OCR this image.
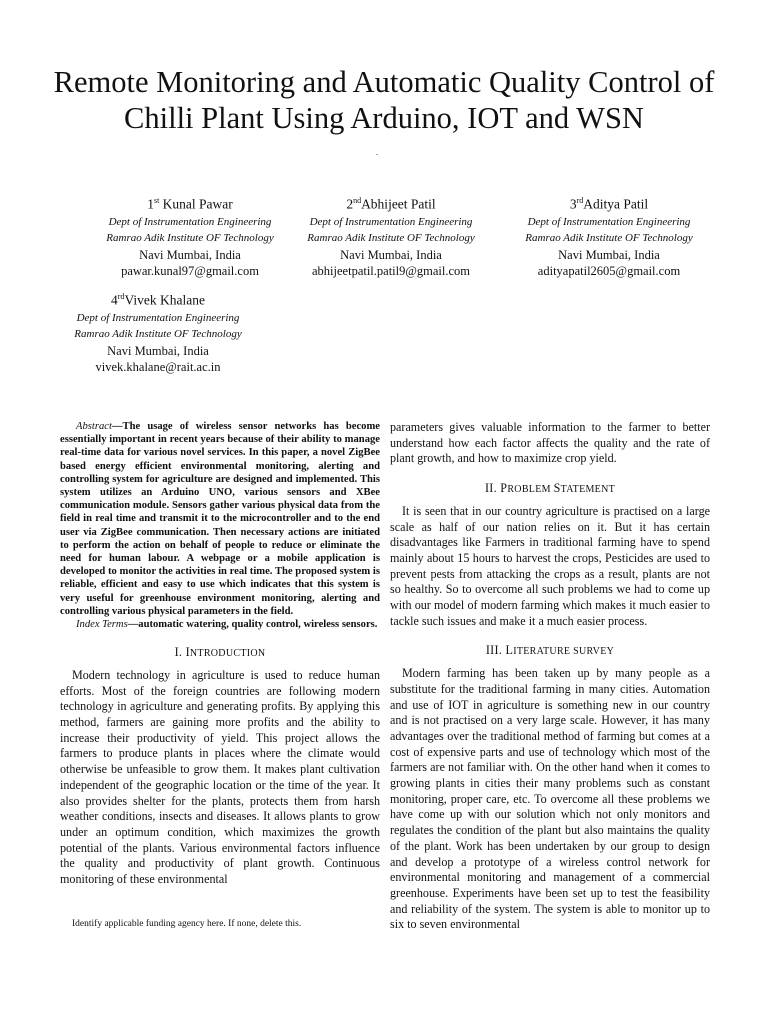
Remote Monitoring and Automatic Quality Control of Chilli Plant Using Arduino, IOT and WSN
.
1st Kunal Pawar
Dept of Instrumentation Engineering
Ramrao Adik Institute OF Technology
Navi Mumbai, India
pawar.kunal97@gmail.com
2ndAbhijeet Patil
Dept of Instrumentation Engineering
Ramrao Adik Institute OF Technology
Navi Mumbai, India
abhijeetpatil.patil9@gmail.com
3rdAditya Patil
Dept of Instrumentation Engineering
Ramrao Adik Institute OF Technology
Navi Mumbai, India
adityapatil2605@gmail.com
4rdVivek Khalane
Dept of Instrumentation Engineering
Ramrao Adik Institute OF Technology
Navi Mumbai, India
vivek.khalane@rait.ac.in

Abstract—The usage of wireless sensor networks has become essentially important in recent years because of their ability to manage real-time data for various novel services. In this paper, a novel ZigBee based energy efficient environmental monitoring, alerting and controlling system for agriculture are designed and implemented. This system utilizes an Arduino UNO, various sensors and XBee communication module. Sensors gather various physical data from the field in real time and transmit it to the microcontroller and to the end user via ZigBee communication. Then necessary actions are initiated to perform the action on behalf of people to reduce or eliminate the need for human labour. A webpage or a mobile application is developed to monitor the activities in real time. The proposed system is reliable, efficient and easy to use which indicates that this system is very useful for greenhouse environment monitoring, alerting and controlling various physical parameters in the field.

Index Terms—automatic watering, quality control, wireless sensors.

I. INTRODUCTION

Modern technology in agriculture is used to reduce human efforts. Most of the foreign countries are following modern technology in agriculture and generating profits. By applying this method, farmers are gaining more profits and the ability to increase their productivity of yield. This project allows the farmers to produce plants in places where the climate would otherwise be unfeasible to grow them. It makes plant cultivation independent of the geographic location or the time of the year. It also provides shelter for the plants, protects them from harsh weather conditions, insects and diseases. It allows plants to grow under an optimum condition, which maximizes the growth potential of the plants. Various environmental factors influence the quality and productivity of plant growth. Continuous monitoring of these environmental

parameters gives valuable information to the farmer to better understand how each factor affects the quality and the rate of plant growth, and how to maximize crop yield.

II. PROBLEM STATEMENT

It is seen that in our country agriculture is practised on a large scale as half of our nation relies on it. But it has certain disadvantages like Farmers in traditional farming have to spend mainly about 15 hours to harvest the crops, Pesticides are used to prevent pests from attacking the crops as a result, plants are not so healthy. So to overcome all such problems we had to come up with our model of modern farming which makes it much easier to tackle such issues and make it a much easier process.

III. LITERATURE SURVEY

Modern farming has been taken up by many people as a substitute for the traditional farming in many cities. Automation and use of IOT in agriculture is something new in our country and is not practised on a very large scale. However, it has many advantages over the traditional method of farming but comes at a cost of expensive parts and use of technology which most of the farmers are not familiar with. On the other hand when it comes to growing plants in cities their many problems such as constant monitoring, proper care, etc. To overcome all these problems we have come up with our solution which not only monitors and regulates the condition of the plant but also maintains the quality of the plant. Work has been undertaken by our group to design and develop a prototype of a wireless control network for environmental monitoring and management of a commercial greenhouse. Experiments have been set up to test the feasibility and reliability of the system. The system is able to monitor up to six to seven environmental

Identify applicable funding agency here. If none, delete this.
